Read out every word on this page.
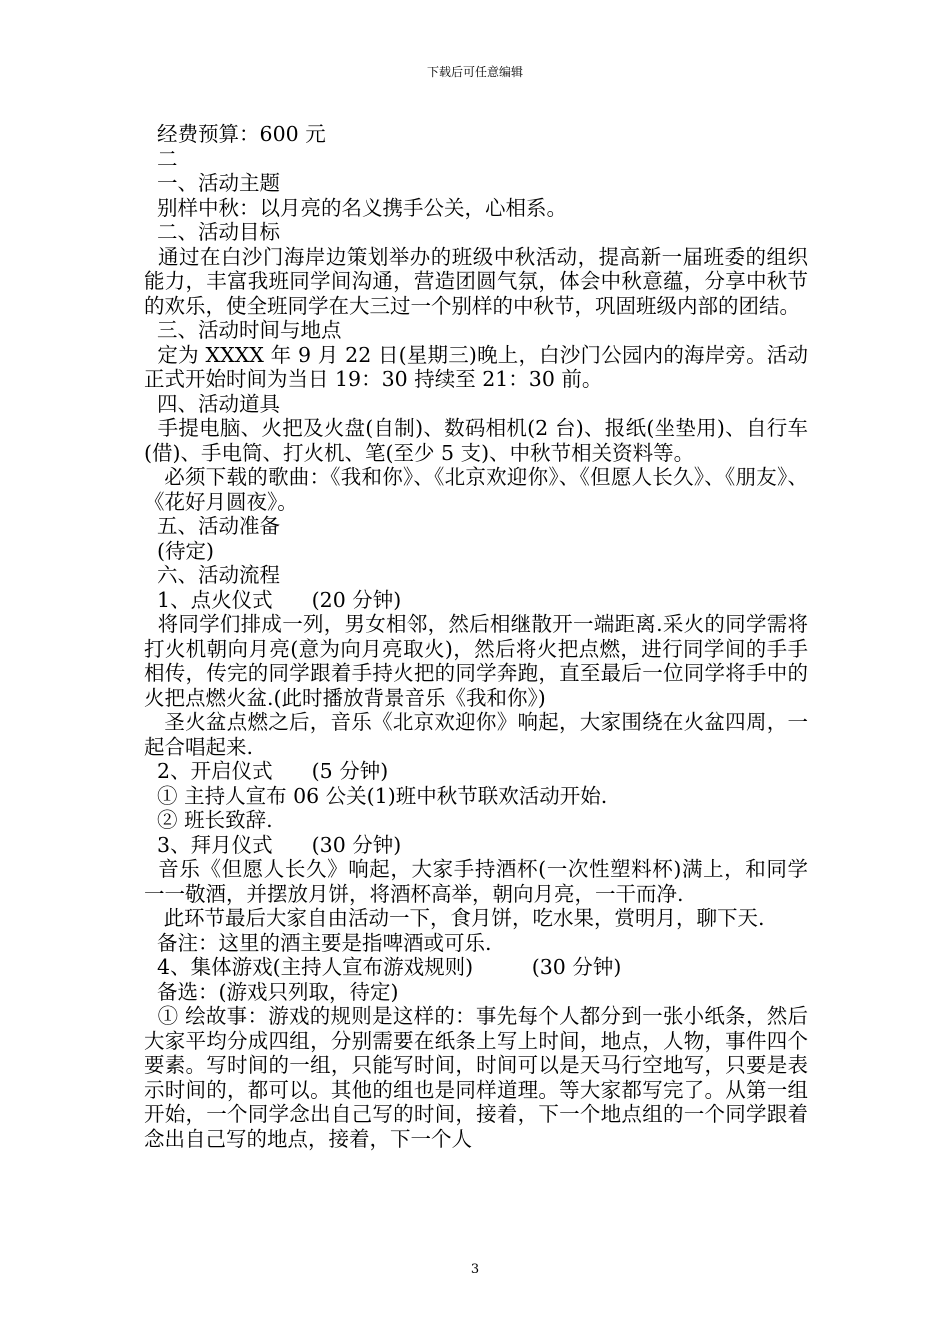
下载后可任意编辑

经费预算：600 元

二

一、活动主题

别样中秋：以月亮的名义携手公关，心相系。

二、活动目标

通过在白沙门海岸边策划举办的班级中秋活动，提高新一届班委的组织能力，丰富我班同学间沟通，营造团圆气氛，体会中秋意蕴，分享中秋节的欢乐，使全班同学在大三过一个别样的中秋节，巩固班级内部的团结。

三、活动时间与地点

定为 XXXX 年 9 月 22 日(星期三)晚上，白沙门公园内的海岸旁。活动正式开始时间为当日 19：30 持续至 21：30 前。

四、活动道具

手提电脑、火把及火盘(自制)、数码相机(2 台)、报纸(坐垫用)、自行车(借)、手电筒、打火机、笔(至少 5 支)、中秋节相关资料等。

必须下载的歌曲：《我和你》、《北京欢迎你》、《但愿人长久》、《朋友》、《花好月圆夜》。

五、活动准备

(待定)

六、活动流程

1、点火仪式      (20 分钟)

将同学们排成一列，男女相邻，然后相继散开一端距离.采火的同学需将打火机朝向月亮(意为向月亮取火)，然后将火把点燃，进行同学间的手手相传，传完的同学跟着手持火把的同学奔跑，直至最后一位同学将手中的火把点燃火盆.(此时播放背景音乐《我和你》)

圣火盆点燃之后，音乐《北京欢迎你》响起，大家围绕在火盆四周，一起合唱起来.

2、开启仪式      (5 分钟)

① 主持人宣布 06 公关(1)班中秋节联欢活动开始.

② 班长致辞.

3、拜月仪式      (30 分钟)

音乐《但愿人长久》响起，大家手持酒杯(一次性塑料杯)满上，和同学一一敬酒，并摆放月饼，将酒杯高举，朝向月亮，一干而净.

此环节最后大家自由活动一下，食月饼，吃水果，赏明月，聊下天.

备注：这里的酒主要是指啤酒或可乐.

4、集体游戏(主持人宣布游戏规则)         (30 分钟)

备选：(游戏只列取，待定)

① 绘故事：游戏的规则是这样的：事先每个人都分到一张小纸条，然后大家平均分成四组，分别需要在纸条上写上时间，地点，人物，事件四个要素。写时间的一组，只能写时间，时间可以是天马行空地写，只要是表示时间的，都可以。其他的组也是同样道理。等大家都写完了。从第一组开始，一个同学念出自己写的时间，接着，下一个地点组的一个同学跟着念出自己写的地点，接着，下一个人

3
